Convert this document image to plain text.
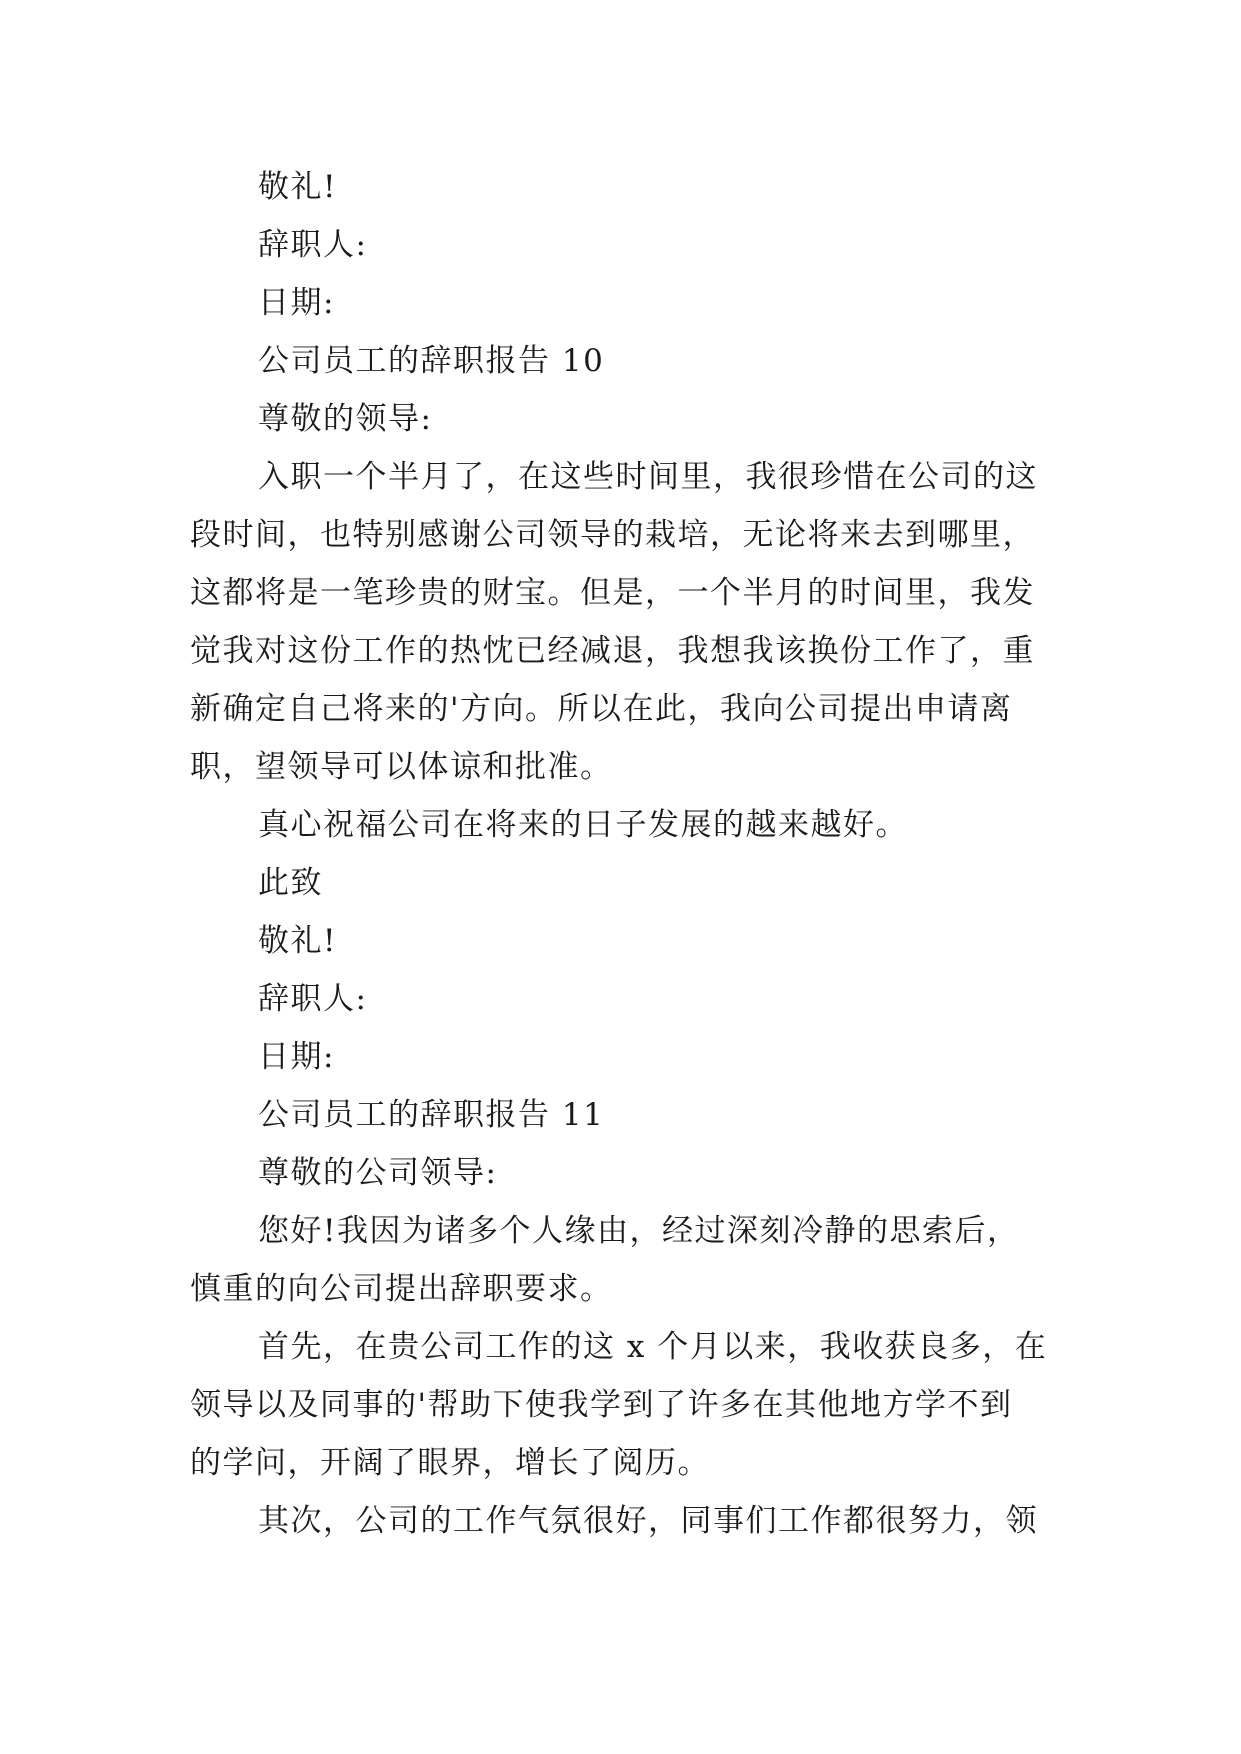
敬礼!
辞职人:
日期:
公司员工的辞职报告 10
尊敬的领导:
入职一个半月了，在这些时间里，我很珍惜在公司的这
段时间，也特别感谢公司领导的栽培，无论将来去到哪里，
这都将是一笔珍贵的财宝。但是，一个半月的时间里，我发
觉我对这份工作的热忱已经减退，我想我该换份工作了，重
新确定自己将来的'方向。所以在此，我向公司提出申请离
职，望领导可以体谅和批准。
真心祝福公司在将来的日子发展的越来越好。
此致
敬礼!
辞职人:
日期:
公司员工的辞职报告 11
尊敬的公司领导:
您好!我因为诸多个人缘由，经过深刻冷静的思索后，
慎重的向公司提出辞职要求。
首先，在贵公司工作的这 x 个月以来，我收获良多，在
领导以及同事的'帮助下使我学到了许多在其他地方学不到
的学问，开阔了眼界，增长了阅历。
其次，公司的工作气氛很好，同事们工作都很努力，领
